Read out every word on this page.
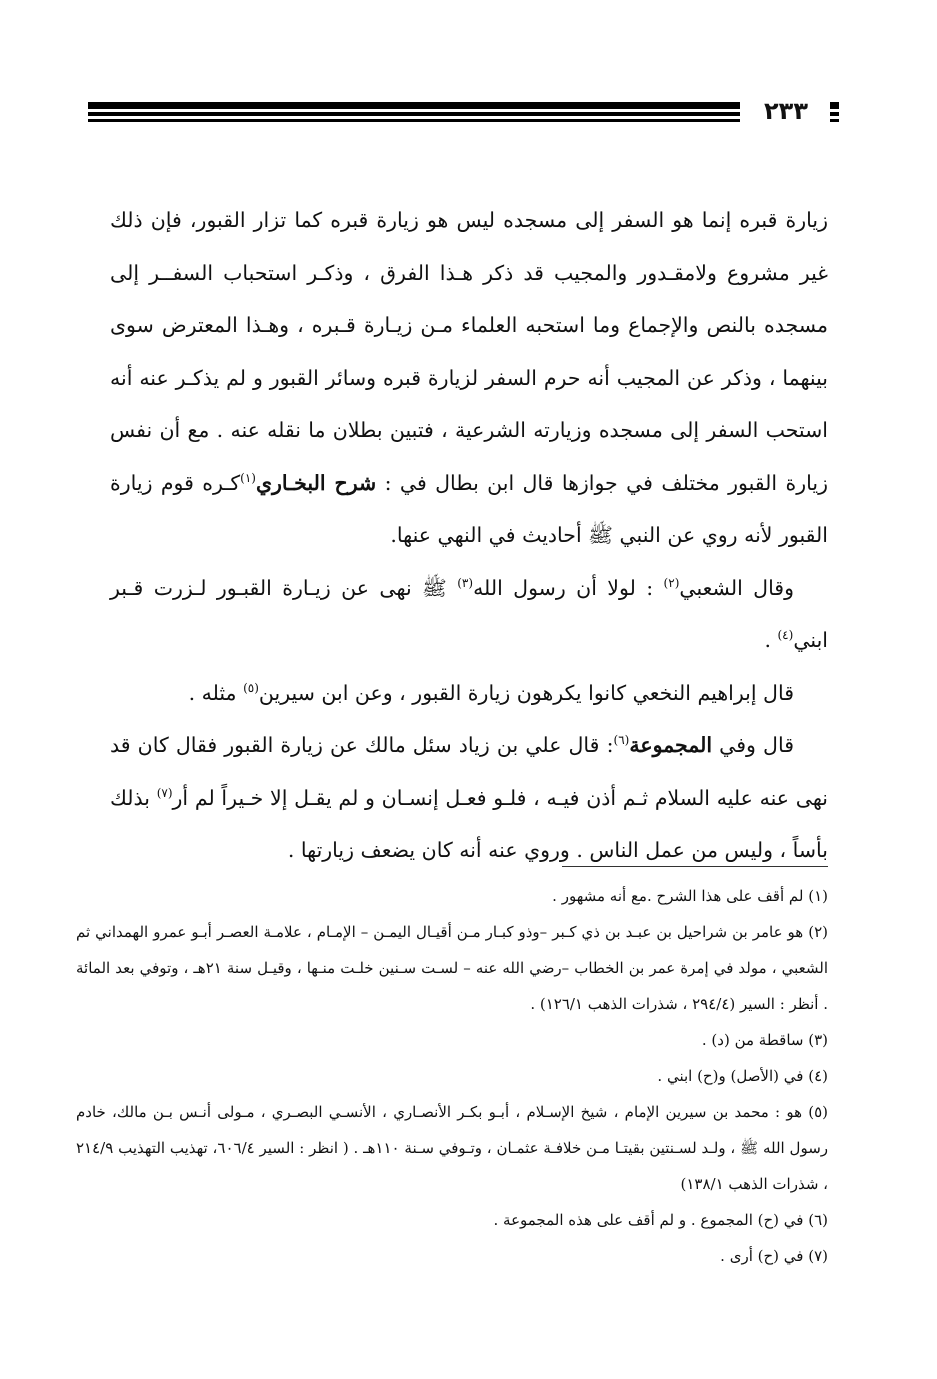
٢٣٣

زيارة قبره إنما هو السفر إلى مسجده ليس هو زيارة قبره كما تزار القبور، فإن ذلك غير مشروع ولامقـدور والمجيب قد ذكر هـذا الفرق ، وذكـر استحباب السفــر إلى مسجده بالنص والإجماع وما استحبه العلماء مـن زيـارة قـبره ، وهـذا المعترض سوى بينهما ، وذكر عن المجيب أنه حرم السفر لزيارة قبره وسائر القبور و لم يذكـر عنه أنه استحب السفر إلى مسجده وزيارته الشرعية ، فتبين بطلان ما نقله عنه . مع أن نفس زيارة القبور مختلف في جوازها قال ابن بطال في : شرح البخـاري$^{(١)}$كـره قوم زيارة القبور لأنه روي عن النبي ﷺ أحاديث في النهي عنها.

وقال الشعبي$^{(٢)}$ : لولا أن رسول الله$^{(٣)}$ ﷺ نهى عن زيـارة القبـور لـزرت قـبر ابني$^{(٤)}$ .

قال إبراهيم النخعي كانوا يكرهون زيارة القبور ، وعن ابن سيرين$^{(٥)}$ مثله .

قال وفي المجموعة$^{(٦)}$: قال علي بن زياد سئل مالك عن زيارة القبور فقال كان قد نهى عنه عليه السلام ثـم أذن فيـه ، فلـو فعـل إنسـان و لم يقـل إلا خـيراً لم أر$^{(٧)}$ بذلك بأساً ، وليس من عمل الناس . وروي عنه أنه كان يضعف زيارتها .

(١) لم أقف على هذا الشرح .مع أنه مشهور .

(٢) هو عامر بن شراحيل بن عبـد بن ذي كـبر –وذو كبـار مـن أقيـال اليمـن – الإمـام ، علامـة العصـر أبـو عمرو الهمداني ثم الشعبي ، مولد في إمرة عمر بن الخطاب –رضي الله عنه – لسـت سـنين خلـت منـها ، وقيـل سنة ٢١هـ ، وتوفي بعد المائة . أنظر : السير (٢٩٤/٤ ، شذرات الذهب ١٢٦/١) .

(٣) ساقطة من (د) .

(٤) في (الأصل) و(ح) ابني .

(٥) هو : محمد بن سيرين الإمام ، شيخ الإسـلام ، أبـو بكـر الأنصـاري ، الأنسـي البصـري ، مـولى أنـس بـن مالك، خادم رسول الله ﷺ ، ولـد لسـنتين بقيتـا مـن خلافـة عثمـان ، وتـوفي سـنة ١١٠هـ . ( انظر : السير ٦٠٦/٤، تهذيب التهذيب ٢١٤/٩ ، شذرات الذهب ١٣٨/١)

(٦) في (ح) المجموع . و لم أقف على هذه المجموعة .

(٧) في (ح) أرى .
